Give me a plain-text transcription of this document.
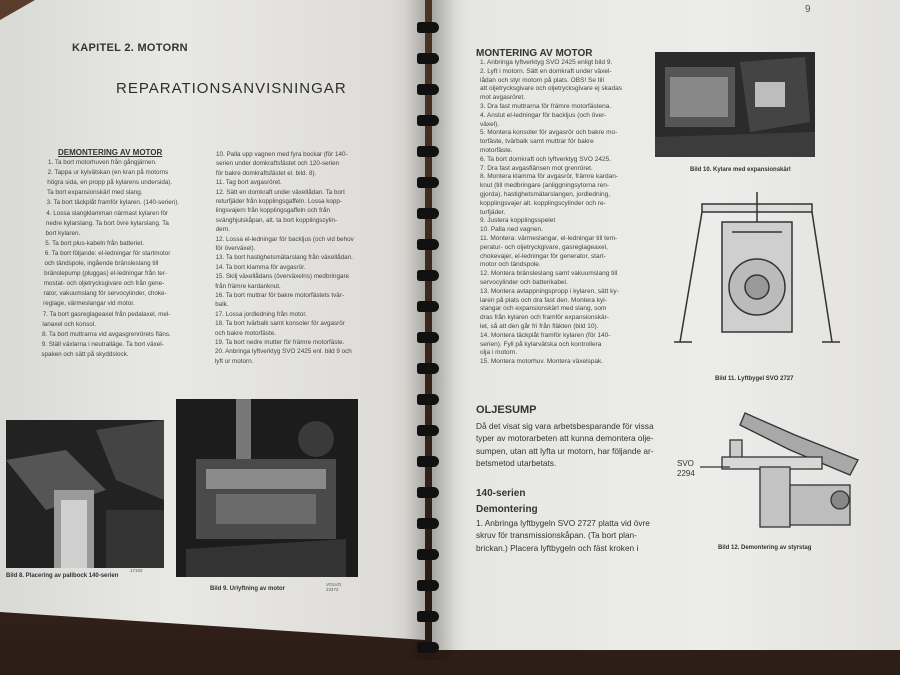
KAPITEL 2. MOTORN
REPARATIONSANVISNINGAR
DEMONTERING AV MOTOR
1. Ta bort motorhuven från gångjärnen.
2. Tappa ur kylvätskan (en kran på motorns
högra sida, en propp på kylarens undersida).
Ta bort expansionskärl med slang.
3. Ta bort täckplåt framför kylaren. (140-serien).
4. Lossa slangklamman närmast kylaren för
nedre kylarslang. Ta bort övre kylarslang. Ta
bort kylaren.
5. Ta bort plus-kabeln från batteriet.
6. Ta bort följande: el-ledningar för startmotor
och tändspole, ingående bränsleslang till
bränslepump (pluggas) el-ledningar från ter-
mostat- och oljetrycksgivare och från gene-
rator, vakuumslang för servocylinder, choke-
reglage, värmeslangar vid motor.
7. Ta bort gasreglageaxel från pedalaxel, mel-
lanaxel och konsol.
8. Ta bort muttrarna vid avgasgrenrörets fläns.
9. Ställ växlarna i neutralläge. Ta bort växel-
spaken och sätt på skyddslock.
10. Palla upp vagnen med fyra bockar (för 140-
serien under domkraftsfästet och 120-serien
för bakre domkraftsfästet el. bild. 8).
11. Tag bort avgasröret.
12. Sätt en domkraft under växellådan. Ta bort
returfjäder från kopplingsgaffeln. Lossa kopp-
lingsvajern från kopplingsgaffeln och från
svänghjulskåpan, alt. ta bort kopplingscylin-
dern.
12. Lossa el-ledningar för backljus (och vid behov
för överväxel).
13. Ta bort hastighetsmätarslang från växellådan.
14. Ta bort klamma för avgasrör.
15. Skilj växellådans (överväxelns) medbringare
från främre kardanknut.
16. Ta bort muttrar för bakre motorfästets tvär-
balk.
17. Lossa jordledning från motor.
18. Ta bort tvärbalk samt konsoler för avgasrör
och bakre motorfäste.
19. Ta bort nedre mutter för främre motorfäste.
20. Anbringa lyftverktyg SVO 2425 enl. bild 9 och
lyft ur motorn.
Bild 8. Placering av pallbock 140-serien
17102
Bild 9. Urlyftning av motor
VOLVO
23472
9
MONTERING AV MOTOR
1. Anbringa lyftverktyg SVO 2425 enligt bild 9.
2. Lyft i motorn. Sätt en domkraft under växel-
lådan och styr motorn på plats. OBS! Se till
att oljetrycksgivare och oljetrycksgivare ej skadas
mot avgasröret.
3. Dra fast muttrarna för främre motorfästena.
4. Anslut el-ledningar för backljus (och över-
växel).
5. Montera konsoler för avgasrör och bakre mo-
torfäste, tvärbalk samt muttrar för bakre
motorfäste.
6. Ta bort domkraft och lyftverktyg SVO 2425.
7. Dra fast avgasflänsen mot grenröret.
8. Montera klamma för avgasrör, främre kardan-
knut (till medbringare (anliggningsytorna ren-
gjorda), hastighetsmätarslangen, jordledning,
kopplingsvajer alt. kopplingscylinder och re-
turfjäder.
9. Justera kopplingsspelet
10. Palla ned vagnen.
11. Montera: värmeslangar, el-ledningar till tem-
peratur- och oljetryckgivare, gasreglageaxel,
chokevajer, el-ledningar för generator, start-
motor och tändspole.
12. Montera bränsleslang samt vakuumslang till
servocylinder och batterikabel.
13. Montera avtappningspropp i kylaren, sätt ky-
laren på plats och dra fast den. Montera kyl-
slangar och expansionskärl med slang, som
dras från kylaren och framför expansionskär-
let, så att den går fri från fläkten (bild 10).
14. Montera täckplåt framför kylaren (för 140-
serien). Fyll på kylarvätska och kontrollera
olja i motorn.
15. Montera motorhuv. Montera växelspak.
Bild 10. Kylare med expansionskärl
Bild 11. Lyftbygel SVO 2727
OLJESUMP
Då det visat sig vara arbetsbesparande för vissa
typer av motorarbeten att kunna demontera olje-
sumpen, utan att lyfta ur motorn, har följande ar-
betsmetod utarbetats.
140-serien
Demontering
1. Anbringa lyftbygeln SVO 2727 platta vid övre
skruv för transmissionskåpan. (Ta bort plan-
brickan.) Placera lyftbygeln och fäst kroken i
SVO
2294
Bild 12. Demontering av styrstag
